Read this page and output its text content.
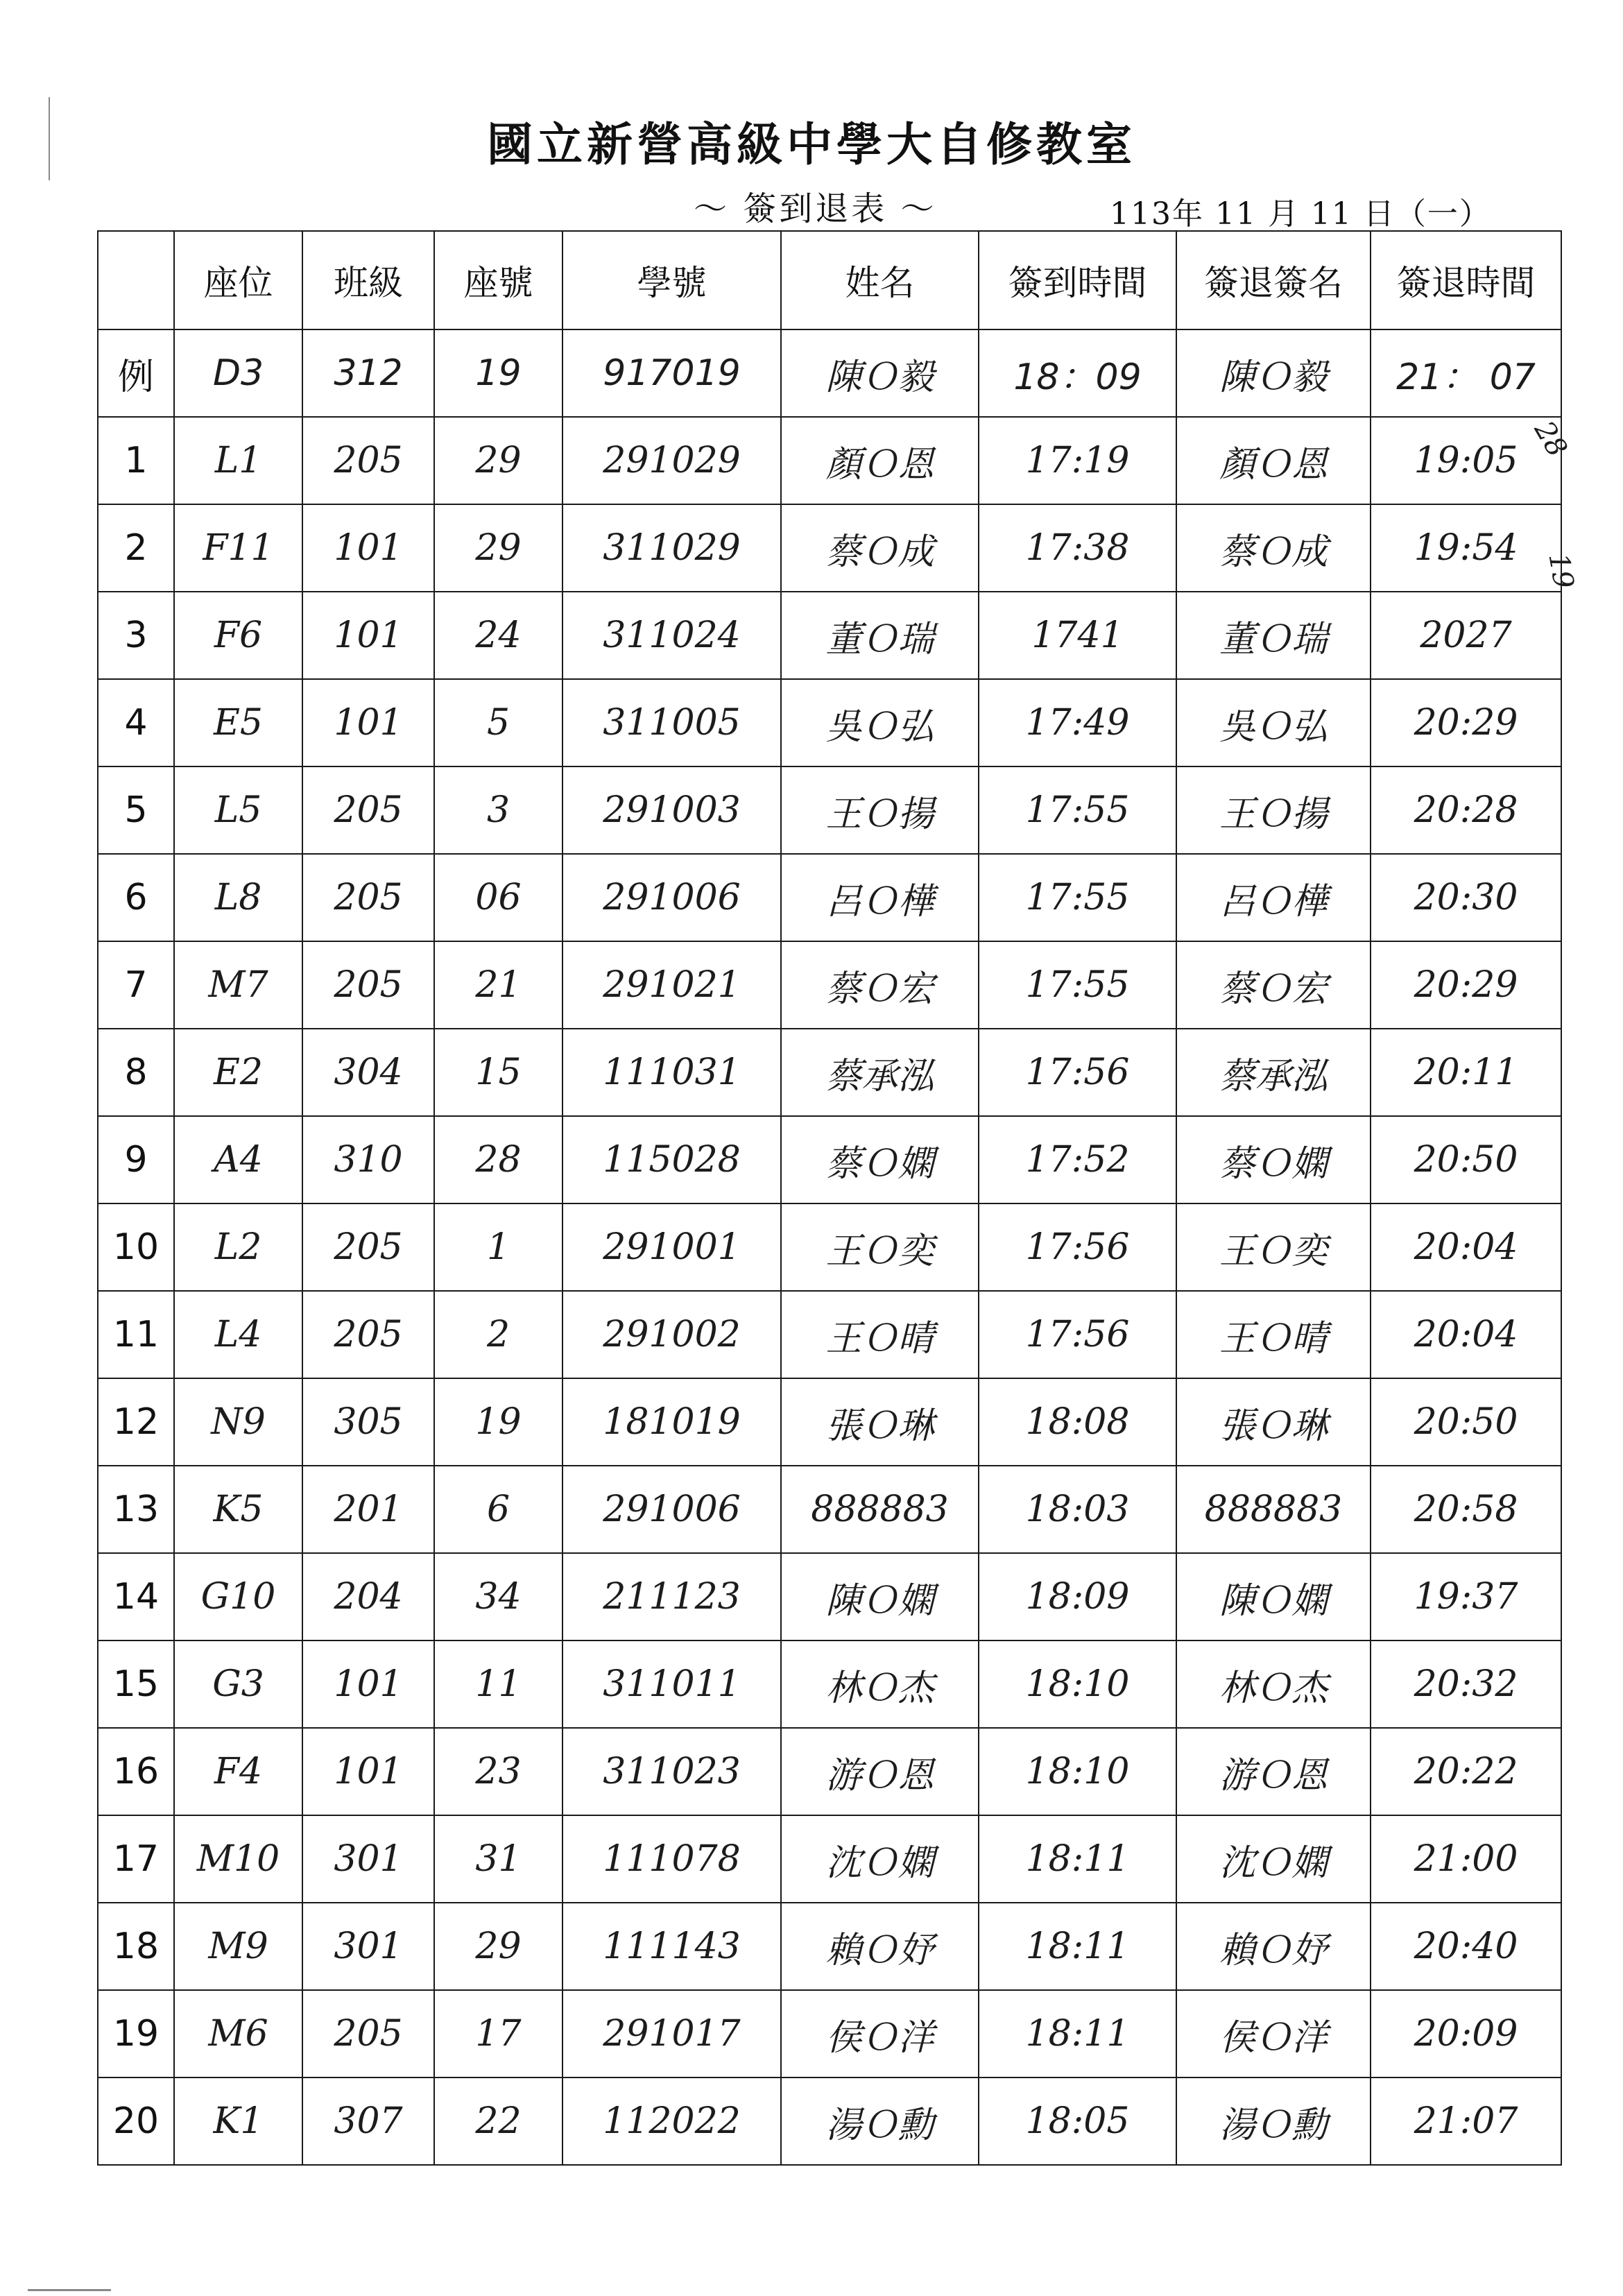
國立新營高級中學大自修教室
～ 簽到退表 ～	113年 11 月 11 日（一）
	座位	班級	座號	學號	姓名	簽到時間	簽退簽名	簽退時間
例	D3	312	19	917019	陳Ｏ毅	18：09	陳Ｏ毅	21： 07
1	L1	205	29	291029	顏Ｏ恩	17:19	顏Ｏ恩	19:05
2	F11	101	29	311029	蔡Ｏ成	17:38	蔡Ｏ成	19:54
3	F6	101	24	311024	董Ｏ瑞	1741	董Ｏ瑞	2027
4	E5	101	5	311005	吳Ｏ弘	17:49	吳Ｏ弘	20:29
5	L5	205	3	291003	王Ｏ揚	17:55	王Ｏ揚	20:28
6	L8	205	06	291006	呂Ｏ樺	17:55	呂Ｏ樺	20:30
7	M7	205	21	291021	蔡Ｏ宏	17:55	蔡Ｏ宏	20:29
8	E2	304	15	111031	蔡承泓	17:56	蔡承泓	20:11
9	A4	310	28	115028	蔡Ｏ嫻	17:52	蔡Ｏ嫻	20:50
10	L2	205	1	291001	王Ｏ奕	17:56	王Ｏ奕	20:04
11	L4	205	2	291002	王Ｏ晴	17:56	王Ｏ晴	20:04
12	N9	305	19	181019	張Ｏ琳	18:08	張Ｏ琳	20:50
13	K5	201	6	291006	888883	18:03	888883	20:58
14	G10	204	34	211123	陳Ｏ嫻	18:09	陳Ｏ嫻	19:37
15	G3	101	11	311011	林Ｏ杰	18:10	林Ｏ杰	20:32
16	F4	101	23	311023	游Ｏ恩	18:10	游Ｏ恩	20:22
17	M10	301	31	111078	沈Ｏ嫻	18:11	沈Ｏ嫻	21:00
18	M9	301	29	111143	賴Ｏ妤	18:11	賴Ｏ妤	20:40
19	M6	205	17	291017	侯Ｏ洋	18:11	侯Ｏ洋	20:09
20	K1	307	22	112022	湯Ｏ勳	18:05	湯Ｏ勳	21:07
28
19
